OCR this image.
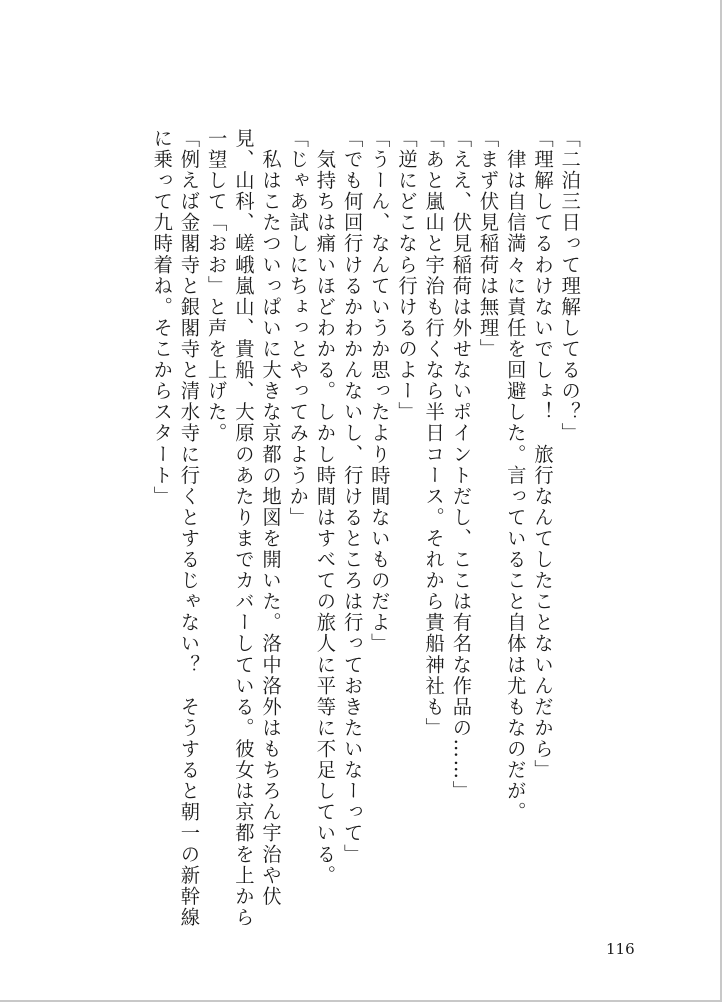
「二泊三日って理解してるの？」

「理解してるわけないでしょ！　旅行なんてしたことないんだから」

　律は自信満々に責任を回避した。言っていること自体は尤もなのだが。

「まず伏見稲荷は無理」

「ええ、伏見稲荷は外せないポイントだし、ここは有名な作品の……」

「あと嵐山と宇治も行くなら半日コース。それから貴船神社も」

「逆にどこなら行けるのよー」

「うーん、なんていうか思ったより時間ないものだよ」

「でも何回行けるかわかんないし、行けるところは行っておきたいなーって」

　気持ちは痛いほどわかる。しかし時間はすべての旅人に平等に不足している。

「じゃあ試しにちょっとやってみようか」

　私はこたついっぱいに大きな京都の地図を開いた。洛中洛外はもちろん宇治や伏

見、山科、嵯峨嵐山、貴船、大原のあたりまでカバーしている。彼女は京都を上から

一望して「おお」と声を上げた。

「例えば金閣寺と銀閣寺と清水寺に行くとするじゃない？　そうすると朝一の新幹線

に乗って九時着ね。そこからスタート」

116
